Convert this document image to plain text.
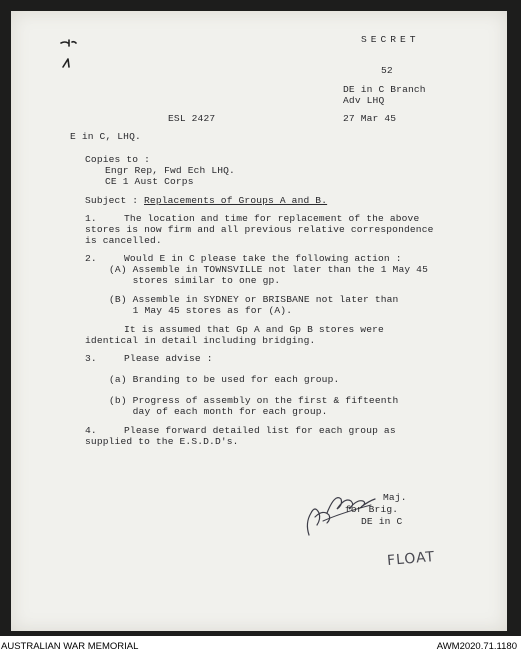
SECRET
52
DE in C Branch
Adv LHQ
ESL 2427	27 Mar 45
E in C, LHQ.
Copies to :
Engr Rep, Fwd Ech LHQ.
CE 1 Aust Corps
Subject : Replacements of Groups A and B.
1.	The location and time for replacement of the above
stores is now firm and all previous relative correspondence
is cancelled.
2.	Would E in C please take the following action :
(A) Assemble in TOWNSVILLE not later than the 1 May 45
stores similar to one gp.
(B) Assemble in SYDNEY or BRISBANE not later than
1 May 45 stores as for (A).
It is assumed that Gp A and Gp B stores were
identical in detail including bridging.
3.	Please advise :
(a) Branding to be used for each group.
(b) Progress of assembly on the first & fifteenth
day of each month for each group.
4.	Please forward detailed list for each group as
supplied to the E.S.D.D's.
Maj.
for Brig.
DE in C
FLOAT
AUSTRALIAN WAR MEMORIAL	AWM2020.71.1180
